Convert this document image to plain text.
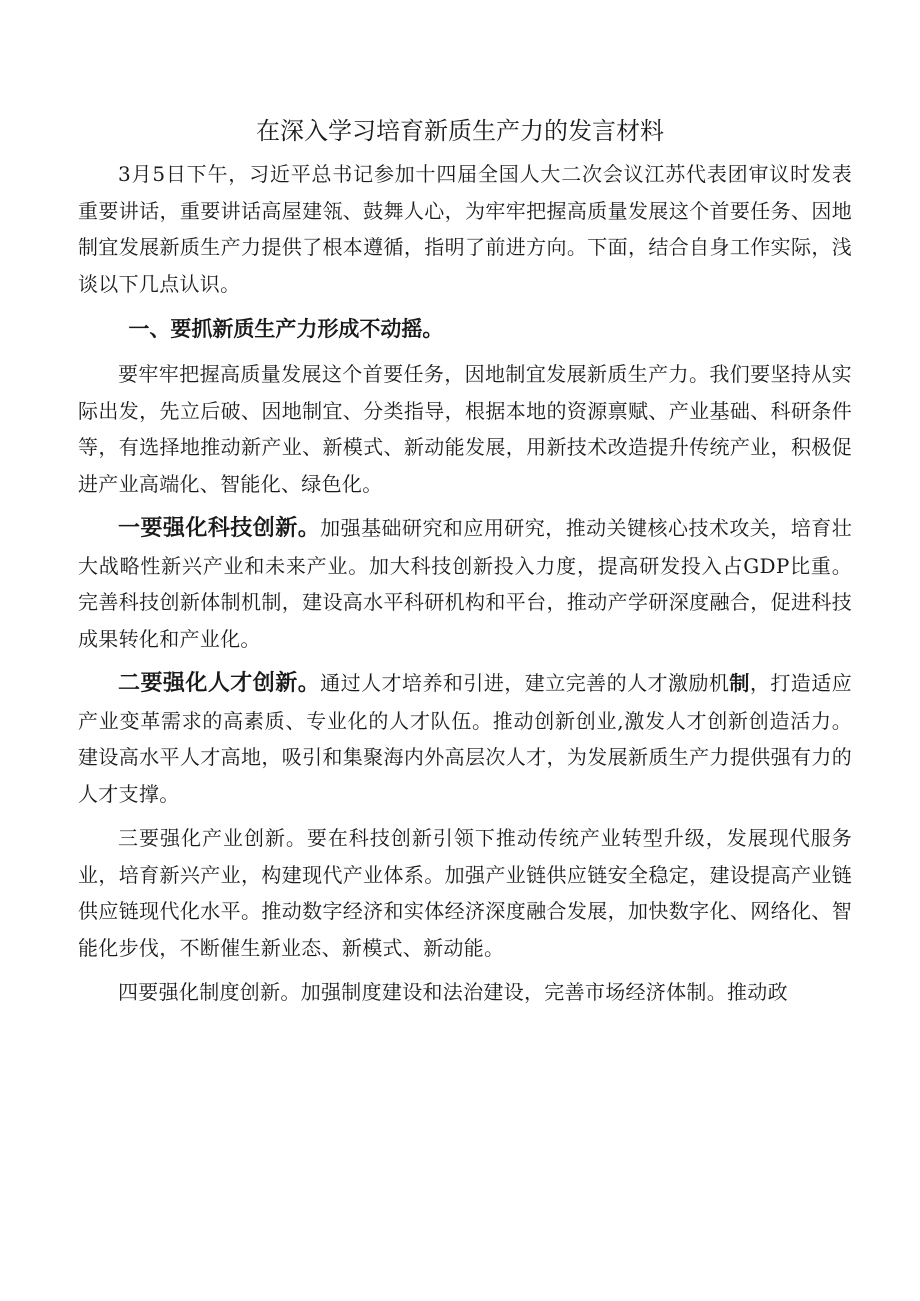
在深入学习培育新质生产力的发言材料

3月5日下午，习近平总书记参加十四届全国人大二次会议江苏代表团审议时发表重要讲话，重要讲话高屋建瓴、鼓舞人心，为牢牢把握高质量发展这个首要任务、因地制宜发展新质生产力提供了根本遵循，指明了前进方向。下面，结合自身工作实际，浅谈以下几点认识。

一、要抓新质生产力形成不动摇。

要牢牢把握高质量发展这个首要任务，因地制宜发展新质生产力。我们要坚持从实际出发，先立后破、因地制宜、分类指导，根据本地的资源禀赋、产业基础、科研条件等，有选择地推动新产业、新模式、新动能发展，用新技术改造提升传统产业，积极促进产业高端化、智能化、绿色化。

一要强化科技创新。加强基础研究和应用研究，推动关键核心技术攻关，培育壮大战略性新兴产业和未来产业。加大科技创新投入力度，提高研发投入占GDP比重。完善科技创新体制机制，建设高水平科研机构和平台，推动产学研深度融合，促进科技成果转化和产业化。

二要强化人才创新。通过人才培养和引进，建立完善的人才激励机制，打造适应产业变革需求的高素质、专业化的人才队伍。推动创新创业,激发人才创新创造活力。建设高水平人才高地，吸引和集聚海内外高层次人才，为发展新质生产力提供强有力的人才支撑。

三要强化产业创新。要在科技创新引领下推动传统产业转型升级，发展现代服务业，培育新兴产业，构建现代产业体系。加强产业链供应链安全稳定，建设提高产业链供应链现代化水平。推动数字经济和实体经济深度融合发展，加快数字化、网络化、智能化步伐，不断催生新业态、新模式、新动能。

四要强化制度创新。加强制度建设和法治建设，完善市场经济体制。推动政
